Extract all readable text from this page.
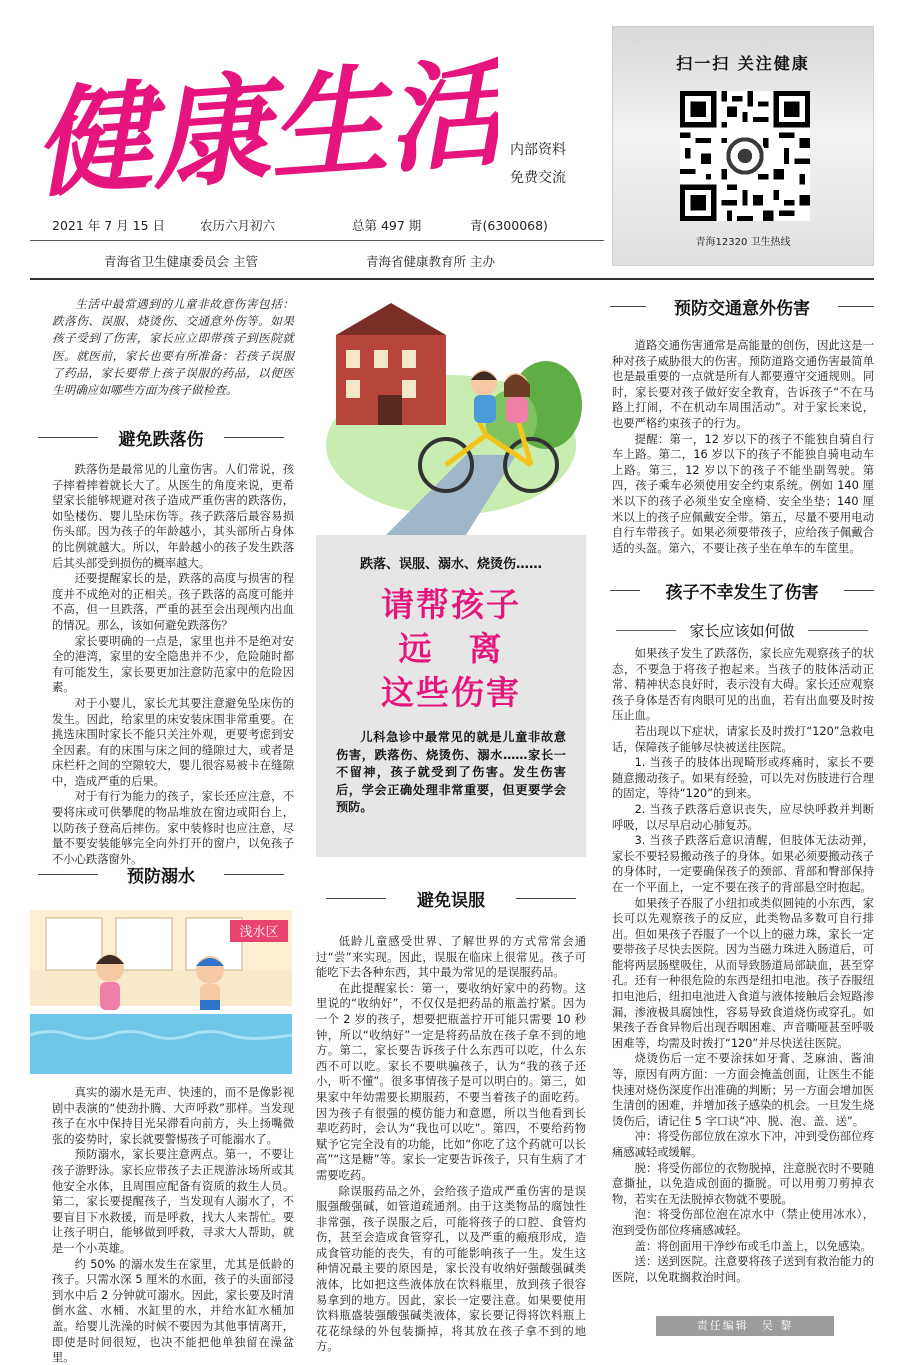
健康生活 内部资料
免费交流
扫一扫 关注健康
青海12320 卫生热线
2021 年 7 月 15 日	农历六月初六	总第 497 期	青(6300068)
青海省卫生健康委员会 主管	青海省健康教育所 主办
生活中最常遇到的儿童非故意伤害包括：跌落伤、误服、烧烫伤、交通意外伤等。如果孩子受到了伤害，家长应立即带孩子到医院就医。就医前，家长也要有所准备：若孩子误服了药品，家长要带上孩子误服的药品，以便医生明确应如哪些方面为孩子做检查。
避免跌落伤

跌落伤是最常见的儿童伤害。人们常说，孩子摔着摔着就长大了。从医生的角度来说，更希望家长能够规避对孩子造成严重伤害的跌落伤，如坠楼伤、婴儿坠床伤等。孩子跌落后最容易损伤头部。因为孩子的年龄越小，其头部所占身体的比例就越大。所以，年龄越小的孩子发生跌落后其头部受到损伤的概率越大。

还要提醒家长的是，跌落的高度与损害的程度并不成绝对的正相关。孩子跌落的高度可能并不高，但一旦跌落，严重的甚至会出现颅内出血的情况。那么，该如何避免跌落伤？

家长要明确的一点是，家里也并不是绝对安全的港湾，家里的安全隐患并不少，危险随时都有可能发生，家长要更加注意防范家中的危险因素。

对于小婴儿，家长尤其要注意避免坠床伤的发生。因此，给家里的床安装床围非常重要。在挑选床围时家长不能只关注外观，更要考虑到安全因素。有的床围与床之间的缝隙过大，或者是床栏杆之间的空隙较大，婴儿很容易被卡在缝隙中，造成严重的后果。

对于有行为能力的孩子，家长还应注意，不要将床或可供攀爬的物品堆放在窗边或阳台上，以防孩子登高后摔伤。家中装修时也应注意，尽量不要安装能够完全向外打开的窗户，以免孩子不小心跌落窗外。

预防溺水
浅水区

真实的溺水是无声、快速的，而不是像影视剧中表演的“使劲扑腾、大声呼救”那样。当发现孩子在水中保持目光呆滞看向前方，头上扬嘴微张的姿势时，家长就要警惕孩子可能溺水了。

预防溺水，家长要注意两点。第一，不要让孩子游野泳。家长应带孩子去正规游泳场所或其他安全水体，且周围应配备有资质的救生人员。第二，家长要提醒孩子，当发现有人溺水了，不要盲目下水救援，而是呼救，找大人来帮忙。要让孩子明白，能够做到呼救，寻求大人帮助，就是一个小英雄。

约 50% 的溺水发生在家里，尤其是低龄的孩子。只需水深 5 厘米的水面，孩子的头面部浸到水中后 2 分钟就可溺水。因此，家长要及时清倒水盆、水桶、水缸里的水，并给水缸水桶加盖。给婴儿洗澡的时候不要因为其他事情离开，即使是时间很短，也决不能把他单独留在澡盆里。

跌落、误服、溺水、烧烫伤……
请帮孩子
远　离
这些伤害
儿科急诊中最常见的就是儿童非故意伤害，跌落伤、烧烫伤、溺水……家长一不留神，孩子就受到了伤害。发生伤害后，学会正确处理非常重要，但更要学会预防。
避免误服

低龄儿童感受世界、了解世界的方式常常会通过“尝”来实现。因此，误服在临床上很常见。孩子可能吃下去各种东西，其中最为常见的是误服药品。

在此提醒家长：第一，要收纳好家中的药物。这里说的“收纳好”，不仅仅是把药品的瓶盖拧紧。因为一个 2 岁的孩子，想要把瓶盖拧开可能只需要 10 秒钟，所以“收纳好”一定是将药品放在孩子拿不到的地方。第二，家长要告诉孩子什么东西可以吃，什么东西不可以吃。家长不要哄骗孩子，认为“我的孩子还小，听不懂”。很多事情孩子是可以明白的。第三，如果家中年幼需要长期服药，不要当着孩子的面吃药。因为孩子有很强的模仿能力和意愿，所以当他看到长辈吃药时，会认为“我也可以吃”。第四，不要给药物赋予它完全没有的功能，比如“你吃了这个药就可以长高”“这是糖”等。家长一定要告诉孩子，只有生病了才需要吃药。

除误服药品之外，会给孩子造成严重伤害的是误服强酸强碱，如管道疏通剂。由于这类物品的腐蚀性非常强，孩子误服之后，可能将孩子的口腔、食管灼伤，甚至会造成食管穿孔，以及严重的瘢痕形成，造成食管功能的丧失，有的可能影响孩子一生。发生这种情况最主要的原因是，家长没有收纳好强酸强碱类液体，比如把这些液体放在饮料瓶里，放到孩子很容易拿到的地方。因此，家长一定要注意。如果要使用饮料瓶盛装强酸强碱类液体，家长要记得将饮料瓶上花花绿绿的外包装撕掉，将其放在孩子拿不到的地方。

预防交通意外伤害

道路交通伤害通常是高能量的创伤，因此这是一种对孩子威胁很大的伤害。预防道路交通伤害最简单也是最重要的一点就是所有人都要遵守交通规则。同时，家长要对孩子做好安全教育，告诉孩子“不在马路上打闹，不在机动车周围活动”。对于家长来说，也要严格约束孩子的行为。

提醒：第一，12 岁以下的孩子不能独自骑自行车上路。第二，16 岁以下的孩子不能独自骑电动车上路。第三，12 岁以下的孩子不能坐副驾驶。第四，孩子乘车必须使用安全约束系统。例如 140 厘米以下的孩子必须坐安全座椅、安全坐垫；140 厘米以上的孩子应佩戴安全带。第五，尽量不要用电动自行车带孩子。如果必须要带孩子，应给孩子佩戴合适的头盔。第六，不要让孩子坐在单车的车筐里。

孩子不幸发生了伤害
家长应该如何做

如果孩子发生了跌落伤，家长应先观察孩子的状态，不要急于将孩子抱起来。当孩子的肢体活动正常、精神状态良好时，表示没有大碍。家长还应观察孩子身体是否有肉眼可见的出血，若有出血要及时按压止血。

若出现以下症状，请家长及时拨打“120”急救电话，保障孩子能够尽快被送往医院。

1. 当孩子的肢体出现畸形或疼痛时，家长不要随意搬动孩子。如果有经验，可以先对伤肢进行合理的固定，等待“120”的到来。

2. 当孩子跌落后意识丧失，应尽快呼救并判断呼吸，以尽早启动心肺复苏。

3. 当孩子跌落后意识清醒，但肢体无法动弹，家长不要轻易搬动孩子的身体。如果必须要搬动孩子的身体时，一定要确保孩子的颈部、背部和臀部保持在一个平面上，一定不要在孩子的背部悬空时抱起。

如果孩子吞服了小纽扣或类似圆钝的小东西，家长可以先观察孩子的反应，此类物品多数可自行排出。但如果孩子吞服了一个以上的磁力珠，家长一定要带孩子尽快去医院。因为当磁力珠进入肠道后，可能将两层肠壁吸住，从而导致肠道局部缺血，甚至穿孔。还有一种很危险的东西是纽扣电池。孩子吞服纽扣电池后，纽扣电池进入食道与液体接触后会短路渗漏，渗液极具腐蚀性，容易导致食道烧伤或穿孔。如果孩子吞食异物后出现吞咽困难、声音嘶哑甚至呼吸困难等，均需及时拨打“120”并尽快送往医院。

烧烫伤后一定不要涂抹如牙膏、芝麻油、酱油等，原因有两方面：一方面会掩盖创面，让医生不能快速对烧伤深度作出准确的判断；另一方面会增加医生清创的困难，并增加孩子感染的机会。一旦发生烧烫伤后，请记住 5 字口诀“冲、脱、泡、盖、送”。

冲：将受伤部位放在凉水下冲，冲到受伤部位疼痛感减轻或缓解。

脱：将受伤部位的衣物脱掉，注意脱衣时不要随意撕扯，以免造成创面的撕脱。可以用剪刀剪掉衣物，若实在无法脱掉衣物就不要脱。

泡：将受伤部位泡在凉水中（禁止使用冰水），泡到受伤部位疼痛感减轻。

盖：将创面用干净纱布或毛巾盖上，以免感染。

送：送到医院。注意要将孩子送到有救治能力的医院，以免耽搁救治时间。

责任编辑　吴 黎
